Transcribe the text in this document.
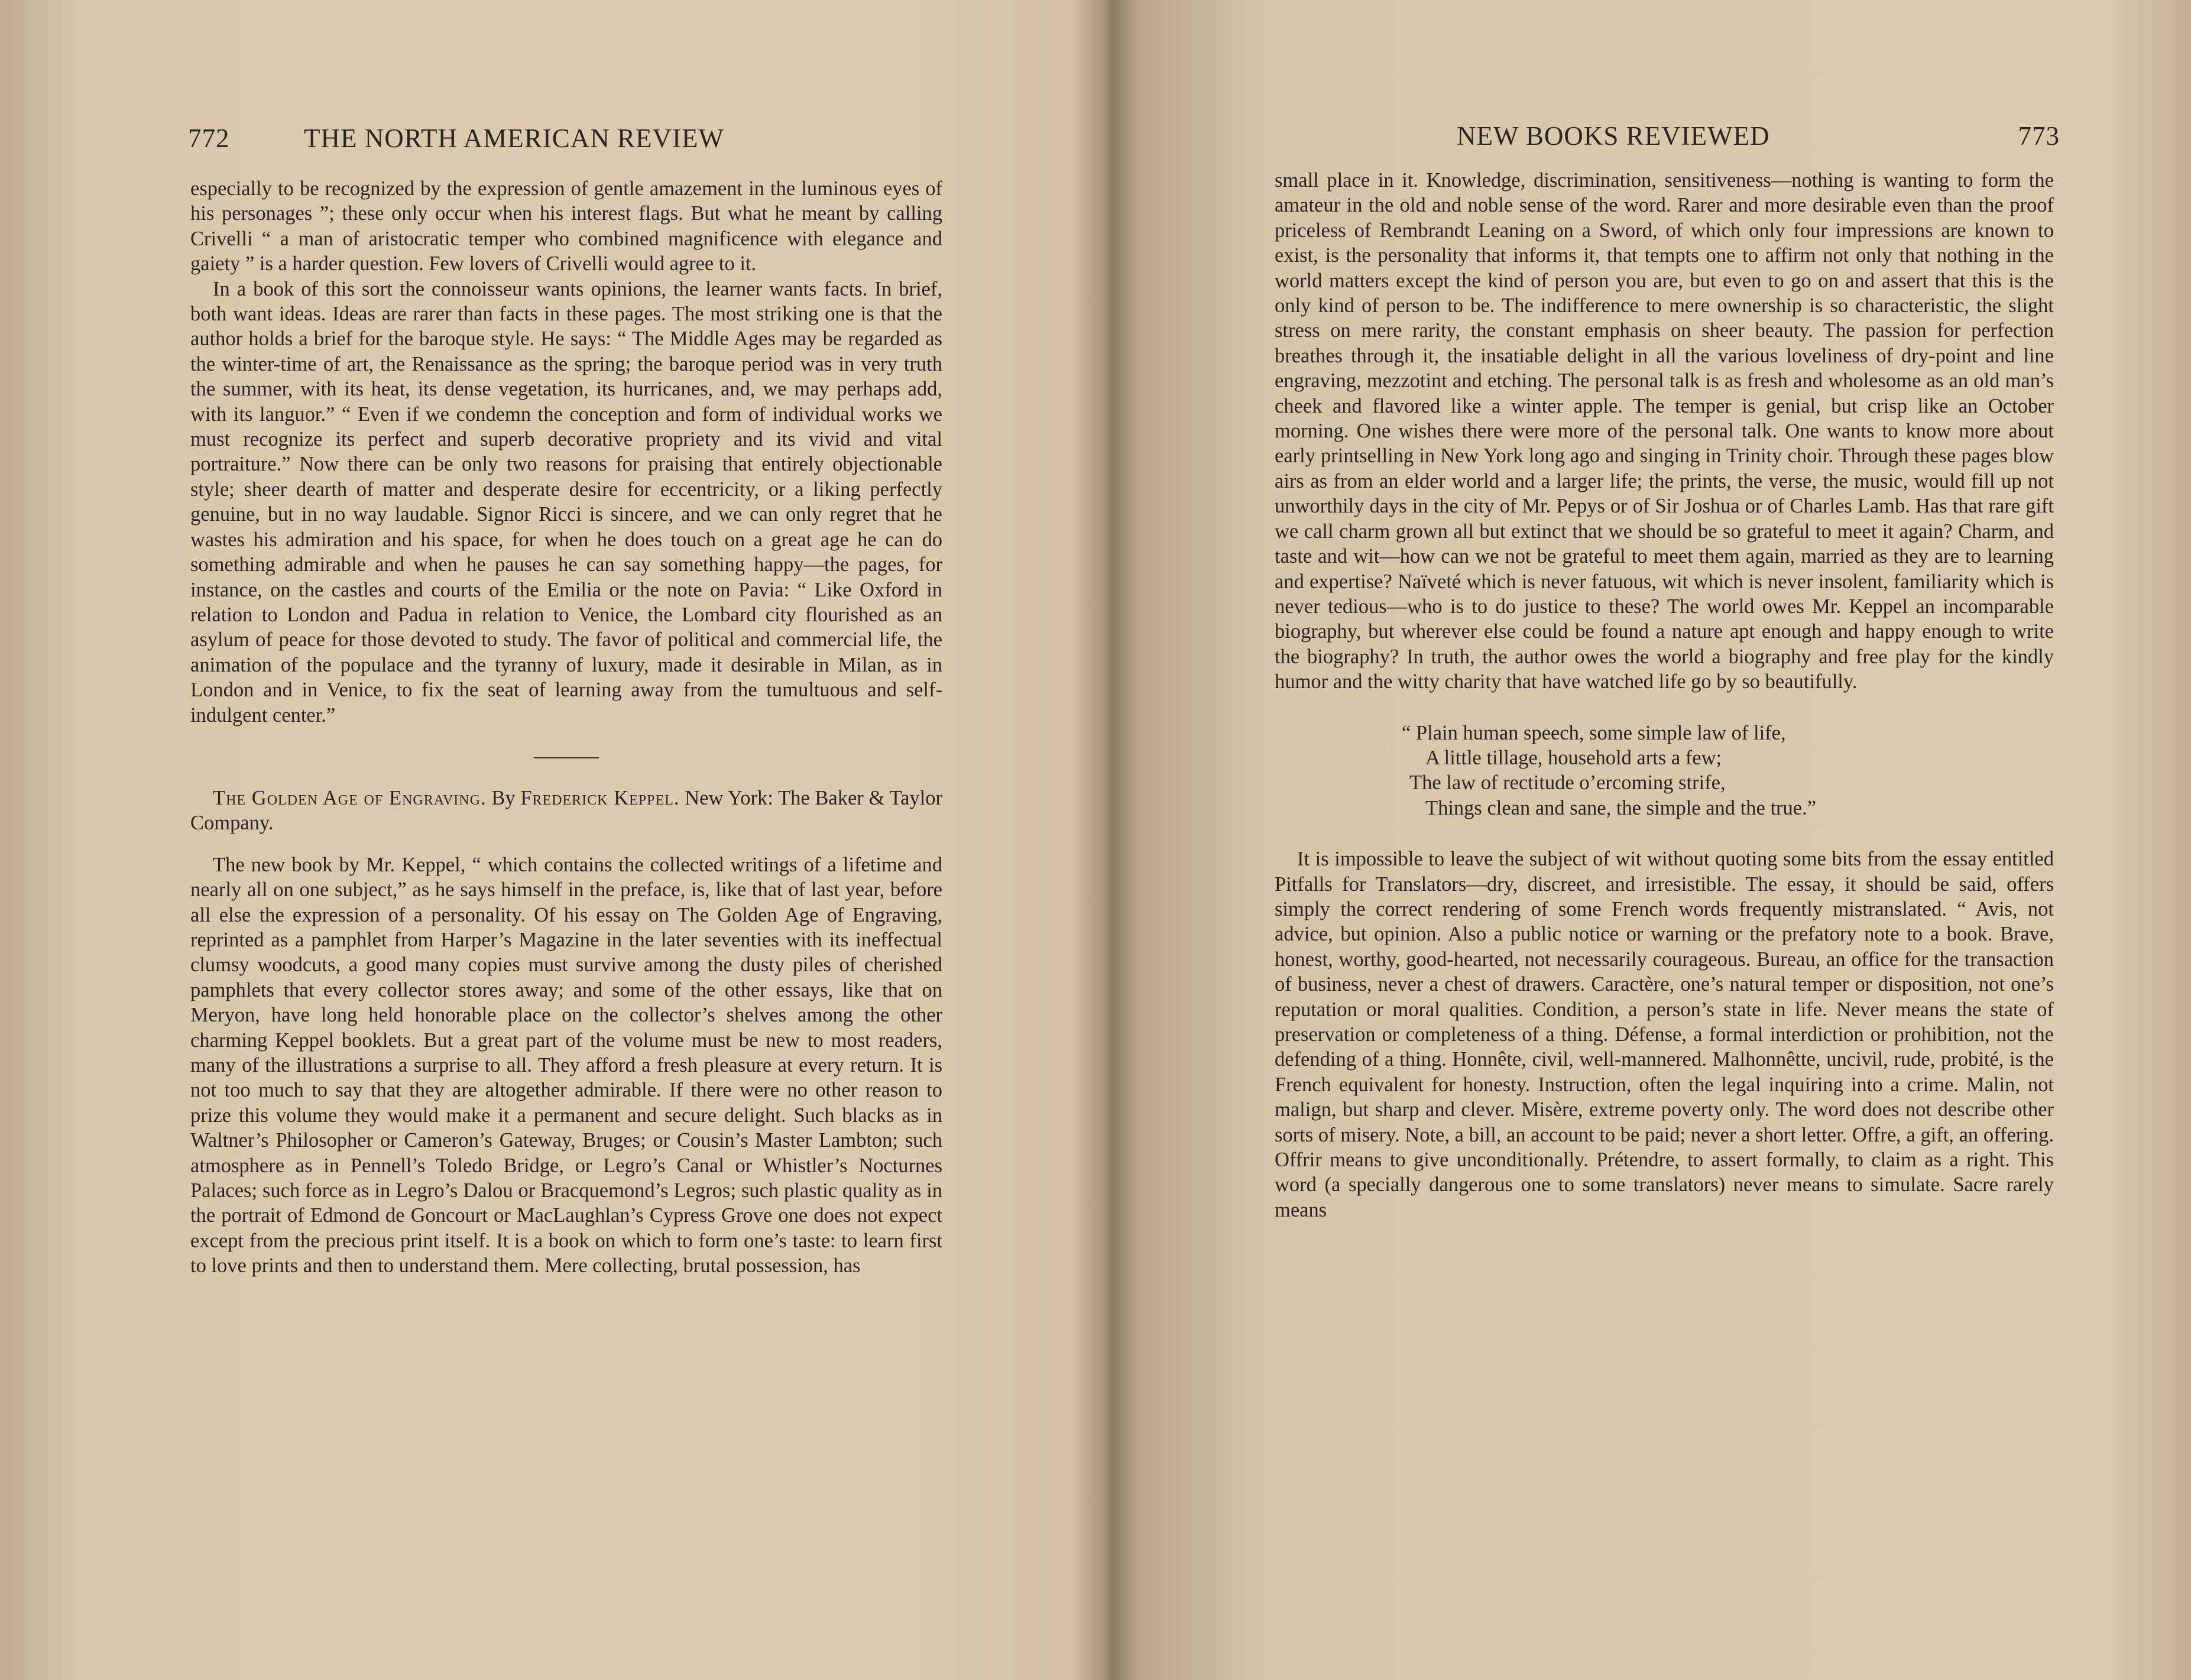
772	THE NORTH AMERICAN REVIEW

especially to be recognized by the expression of gentle amazement in the luminous eyes of his personages ”; these only occur when his interest flags. But what he meant by calling Crivelli “ a man of aristocratic temper who combined magnificence with elegance and gaiety ” is a harder question. Few lovers of Crivelli would agree to it.

In a book of this sort the connoisseur wants opinions, the learner wants facts. In brief, both want ideas. Ideas are rarer than facts in these pages. The most striking one is that the author holds a brief for the baroque style. He says: “ The Middle Ages may be regarded as the winter-time of art, the Renaissance as the spring; the baroque period was in very truth the summer, with its heat, its dense vegetation, its hurricanes, and, we may perhaps add, with its languor.” “ Even if we condemn the conception and form of individual works we must recognize its perfect and superb decorative propriety and its vivid and vital portraiture.” Now there can be only two reasons for praising that entirely objectionable style; sheer dearth of matter and desperate desire for eccentricity, or a liking perfectly genuine, but in no way laudable. Signor Ricci is sincere, and we can only regret that he wastes his admiration and his space, for when he does touch on a great age he can do something admirable and when he pauses he can say something happy—the pages, for instance, on the castles and courts of the Emilia or the note on Pavia: “ Like Oxford in relation to London and Padua in relation to Venice, the Lombard city flourished as an asylum of peace for those devoted to study. The favor of political and commercial life, the animation of the populace and the tyranny of luxury, made it desirable in Milan, as in London and in Venice, to fix the seat of learning away from the tumultuous and self-indulgent center.”

The Golden Age of Engraving. By Frederick Keppel. New York: The Baker & Taylor Company.

The new book by Mr. Keppel, “ which contains the collected writings of a lifetime and nearly all on one subject,” as he says himself in the preface, is, like that of last year, before all else the expression of a personality. Of his essay on The Golden Age of Engraving, reprinted as a pamphlet from Harper’s Magazine in the later seventies with its ineffectual clumsy woodcuts, a good many copies must survive among the dusty piles of cherished pamphlets that every collector stores away; and some of the other essays, like that on Meryon, have long held honorable place on the collector’s shelves among the other charming Keppel booklets. But a great part of the volume must be new to most readers, many of the illustrations a surprise to all. They afford a fresh pleasure at every return. It is not too much to say that they are altogether admirable. If there were no other reason to prize this volume they would make it a permanent and secure delight. Such blacks as in Waltner’s Philosopher or Cameron’s Gateway, Bruges; or Cousin’s Master Lambton; such atmosphere as in Pennell’s Toledo Bridge, or Legro’s Canal or Whistler’s Nocturnes Palaces; such force as in Legro’s Dalou or Bracquemond’s Legros; such plastic quality as in the portrait of Edmond de Goncourt or MacLaughlan’s Cypress Grove one does not expect except from the precious print itself. It is a book on which to form one’s taste: to learn first to love prints and then to understand them. Mere collecting, brutal possession, has

NEW BOOKS REVIEWED	773

small place in it. Knowledge, discrimination, sensitiveness—nothing is wanting to form the amateur in the old and noble sense of the word. Rarer and more desirable even than the proof priceless of Rembrandt Leaning on a Sword, of which only four impressions are known to exist, is the personality that informs it, that tempts one to affirm not only that nothing in the world matters except the kind of person you are, but even to go on and assert that this is the only kind of person to be. The indifference to mere ownership is so characteristic, the slight stress on mere rarity, the constant emphasis on sheer beauty. The passion for perfection breathes through it, the insatiable delight in all the various loveliness of dry-point and line engraving, mezzotint and etching. The personal talk is as fresh and wholesome as an old man’s cheek and flavored like a winter apple. The temper is genial, but crisp like an October morning. One wishes there were more of the personal talk. One wants to know more about early printselling in New York long ago and singing in Trinity choir. Through these pages blow airs as from an elder world and a larger life; the prints, the verse, the music, would fill up not unworthily days in the city of Mr. Pepys or of Sir Joshua or of Charles Lamb. Has that rare gift we call charm grown all but extinct that we should be so grateful to meet it again? Charm, and taste and wit—how can we not be grateful to meet them again, married as they are to learning and expertise? Naïveté which is never fatuous, wit which is never insolent, familiarity which is never tedious—who is to do justice to these? The world owes Mr. Keppel an incomparable biography, but wherever else could be found a nature apt enough and happy enough to write the biography? In truth, the author owes the world a biography and free play for the kindly humor and the witty charity that have watched life go by so beautifully.

“ Plain human speech, some simple law of life,
A little tillage, household arts a few;
The law of rectitude o’ercoming strife,
Things clean and sane, the simple and the true.”

It is impossible to leave the subject of wit without quoting some bits from the essay entitled Pitfalls for Translators—dry, discreet, and irresistible. The essay, it should be said, offers simply the correct rendering of some French words frequently mistranslated. “ Avis, not advice, but opinion. Also a public notice or warning or the prefatory note to a book. Brave, honest, worthy, good-hearted, not necessarily courageous. Bureau, an office for the transaction of business, never a chest of drawers. Caractère, one’s natural temper or disposition, not one’s reputation or moral qualities. Condition, a person’s state in life. Never means the state of preservation or completeness of a thing. Défense, a formal interdiction or prohibition, not the defending of a thing. Honnête, civil, well-mannered. Malhonnêtte, uncivil, rude, probité, is the French equivalent for honesty. Instruction, often the legal inquiring into a crime. Malin, not malign, but sharp and clever. Misère, extreme poverty only. The word does not describe other sorts of misery. Note, a bill, an account to be paid; never a short letter. Offre, a gift, an offering. Offrir means to give unconditionally. Prétendre, to assert formally, to claim as a right. This word (a specially dangerous one to some translators) never means to simulate. Sacre rarely means
